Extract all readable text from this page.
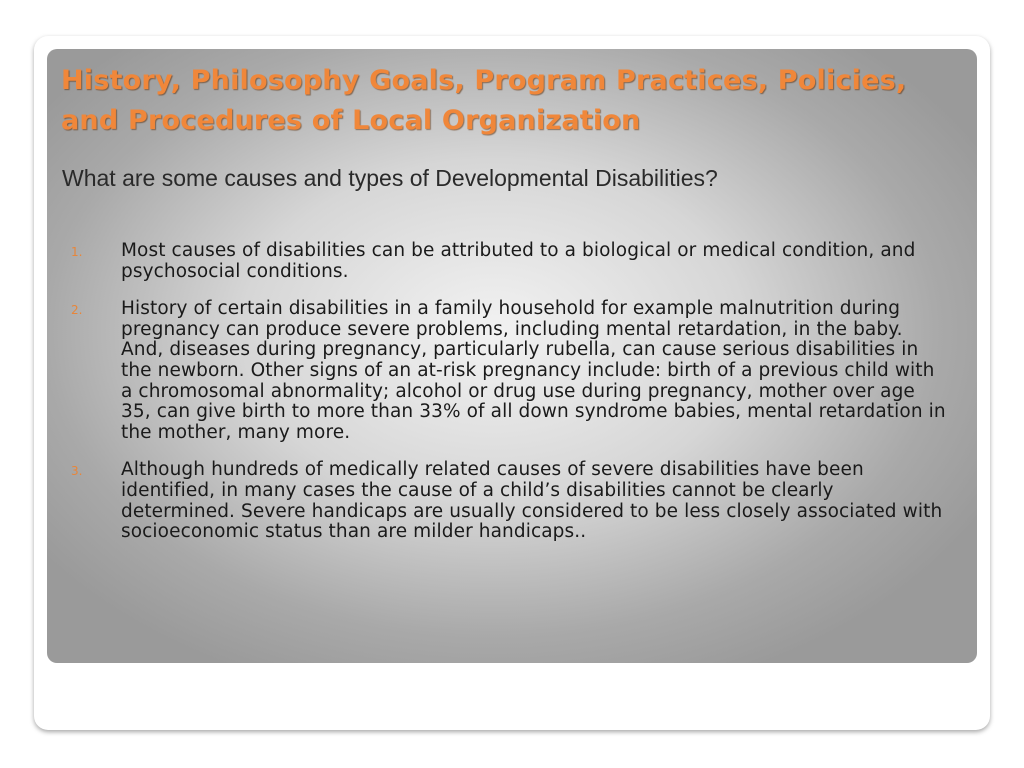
History, Philosophy Goals, Program Practices, Policies, and Procedures of Local Organization
What are some causes and types of Developmental Disabilities?
1. Most causes of disabilities can be attributed to a biological or medical condition, and psychosocial conditions.
2. History of certain disabilities in a family household for example malnutrition during pregnancy can produce severe problems, including mental retardation, in the baby. And, diseases during pregnancy, particularly rubella, can cause serious disabilities in the newborn. Other signs of an at-risk pregnancy include: birth of a previous child with a chromosomal abnormality; alcohol or drug use during pregnancy, mother over age 35, can give birth to more than 33% of all down syndrome babies, mental retardation in the mother, many more.
3. Although hundreds of medically related causes of severe disabilities have been identified, in many cases the cause of a child’s disabilities cannot be clearly determined. Severe handicaps are usually considered to be less closely associated with socioeconomic status than are milder handicaps..
